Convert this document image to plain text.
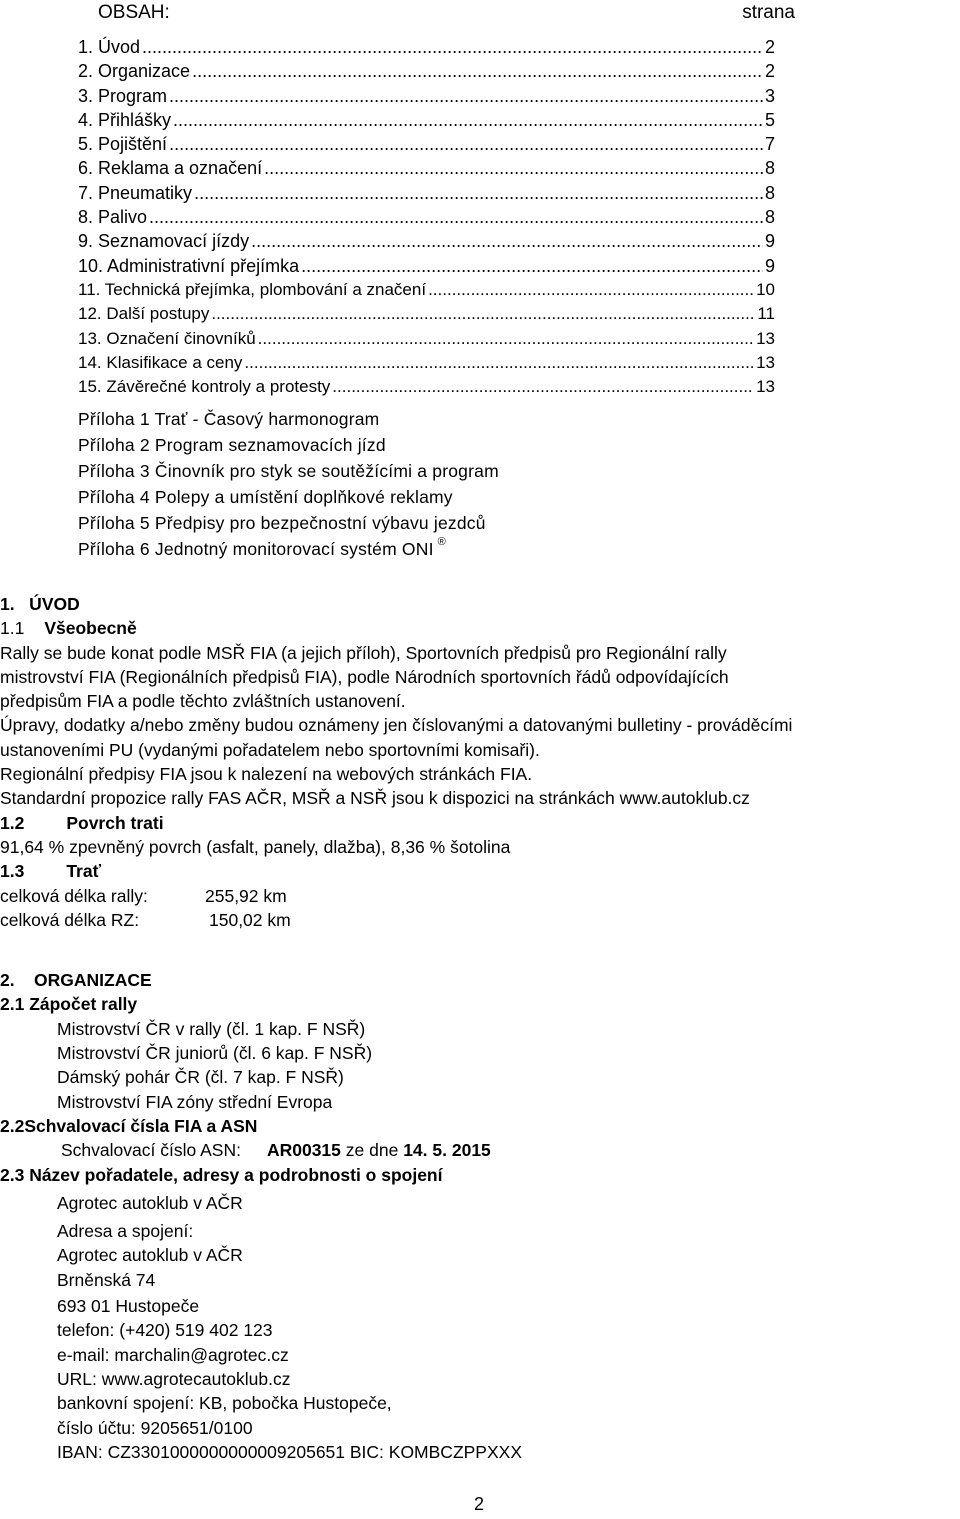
OBSAH:	strana
1. Úvod .....	2
2. Organizace .....	2
3. Program .....	3
4. Přihlášky .....	5
5. Pojištění .....	7
6. Reklama a označení .....	8
7. Pneumatiky .....	8
8. Palivo .....	8
9. Seznamovací jízdy .....	9
10. Administrativní přejímka .....	9
11. Technická přejímka, plombování a značení .....	10
12. Další postupy .....	11
13. Označení činovníků .....	13
14. Klasifikace a ceny .....	13
15. Závěrečné kontroly a protesty .....	13
Příloha 1 Trať - Časový harmonogram
Příloha 2 Program seznamovacích jízd
Příloha 3 Činovník pro styk se soutěžícími a program
Příloha 4 Polepy a umístění doplňkové reklamy
Příloha 5 Předpisy pro bezpečnostní výbavu jezdců
Příloha 6 Jednotný monitorovací systém ONI ®
1.   ÚVOD
1.1 Všeobecně
Rally se bude konat podle MSŘ FIA (a jejich příloh), Sportovních předpisů pro Regionální rally
mistrovství FIA (Regionálních předpisů FIA), podle Národních sportovních řádů odpovídajících
předpisům FIA a podle těchto zvláštních ustanovení.
Úpravy, dodatky a/nebo změny budou oznámeny jen číslovanými a datovanými bulletiny - prováděcími
ustanoveními PU (vydanými pořadatelem nebo sportovními komisaři).
Regionální předpisy FIA jsou k nalezení na webových stránkách FIA.
Standardní propozice rally FAS AČR, MSŘ a NSŘ jsou k dispozici na stránkách www.autoklub.cz
1.2 Povrch trati
91,64 % zpevněný povrch (asfalt, panely, dlažba), 8,36 % šotolina
1.3 Trať
celková délka rally:	255,92 km
celková délka RZ:	150,02 km
2.    ORGANIZACE
2.1 Zápočet rally
Mistrovství ČR v rally (čl. 1 kap. F NSŘ)
Mistrovství ČR juniorů (čl. 6 kap. F NSŘ)
Dámský pohár ČR (čl. 7 kap. F NSŘ)
Mistrovství FIA zóny střední Evropa
2.2Schvalovací čísla FIA a ASN
Schvalovací číslo ASN: AR00315 ze dne 14. 5. 2015
2.3 Název pořadatele, adresy a podrobnosti o spojení
Agrotec autoklub v AČR
Adresa a spojení:
Agrotec autoklub v AČR
Brněnská 74
693 01 Hustopeče
telefon: (+420) 519 402 123
e-mail: marchalin@agrotec.cz
URL: www.agrotecautoklub.cz
bankovní spojení: KB, pobočka Hustopeče,
číslo účtu: 9205651/0100
IBAN: CZ3301000000000009205651 BIC: KOMBCZPPXXX
2
